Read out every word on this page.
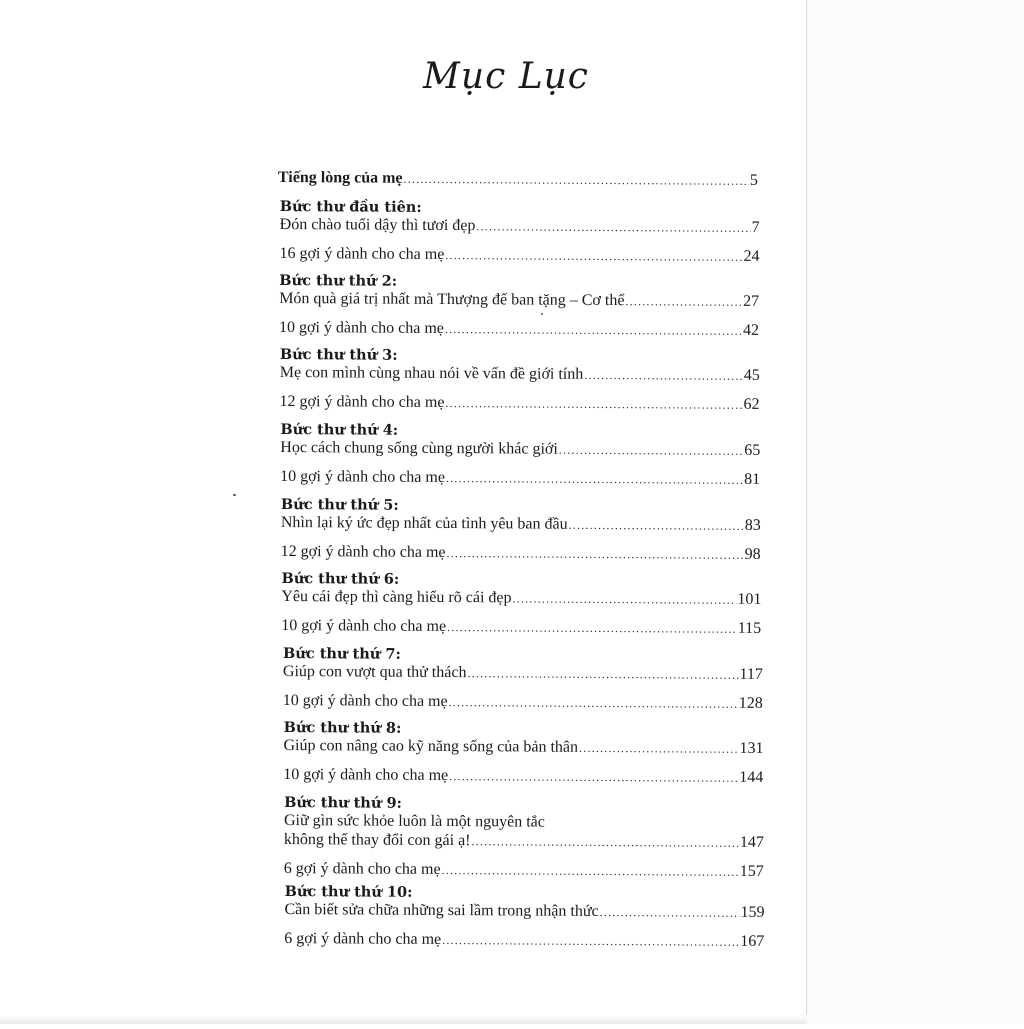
Mục Lục
Tiếng lòng của mẹ .....	5
Bức thư đầu tiên:
Đón chào tuổi dậy thì tươi đẹp .....	7
16 gợi ý dành cho cha mẹ .....	24
Bức thư thứ 2:
Món quà giá trị nhất mà Thượng đế ban tặng – Cơ thể .....	27
10 gợi ý dành cho cha mẹ .....	42
Bức thư thứ 3:
Mẹ con mình cùng nhau nói về vấn đề giới tính .....	45
12 gợi ý dành cho cha mẹ .....	62
Bức thư thứ 4:
Học cách chung sống cùng người khác giới .....	65
10 gợi ý dành cho cha mẹ .....	81
Bức thư thứ 5:
Nhìn lại ký ức đẹp nhất của tình yêu ban đầu .....	83
12 gợi ý dành cho cha mẹ .....	98
Bức thư thứ 6:
Yêu cái đẹp thì càng hiểu rõ cái đẹp .....	101
10 gợi ý dành cho cha mẹ .....	115
Bức thư thứ 7:
Giúp con vượt qua thử thách .....	117
10 gợi ý dành cho cha mẹ .....	128
Bức thư thứ 8:
Giúp con nâng cao kỹ năng sống của bản thân .....	131
10 gợi ý dành cho cha mẹ .....	144
Bức thư thứ 9:
Giữ gìn sức khỏe luôn là một nguyên tắc
không thể thay đổi con gái ạ! .....	147
6 gợi ý dành cho cha mẹ .....	157
Bức thư thứ 10:
Cần biết sửa chữa những sai lầm trong nhận thức .....	159
6 gợi ý dành cho cha mẹ .....	167
